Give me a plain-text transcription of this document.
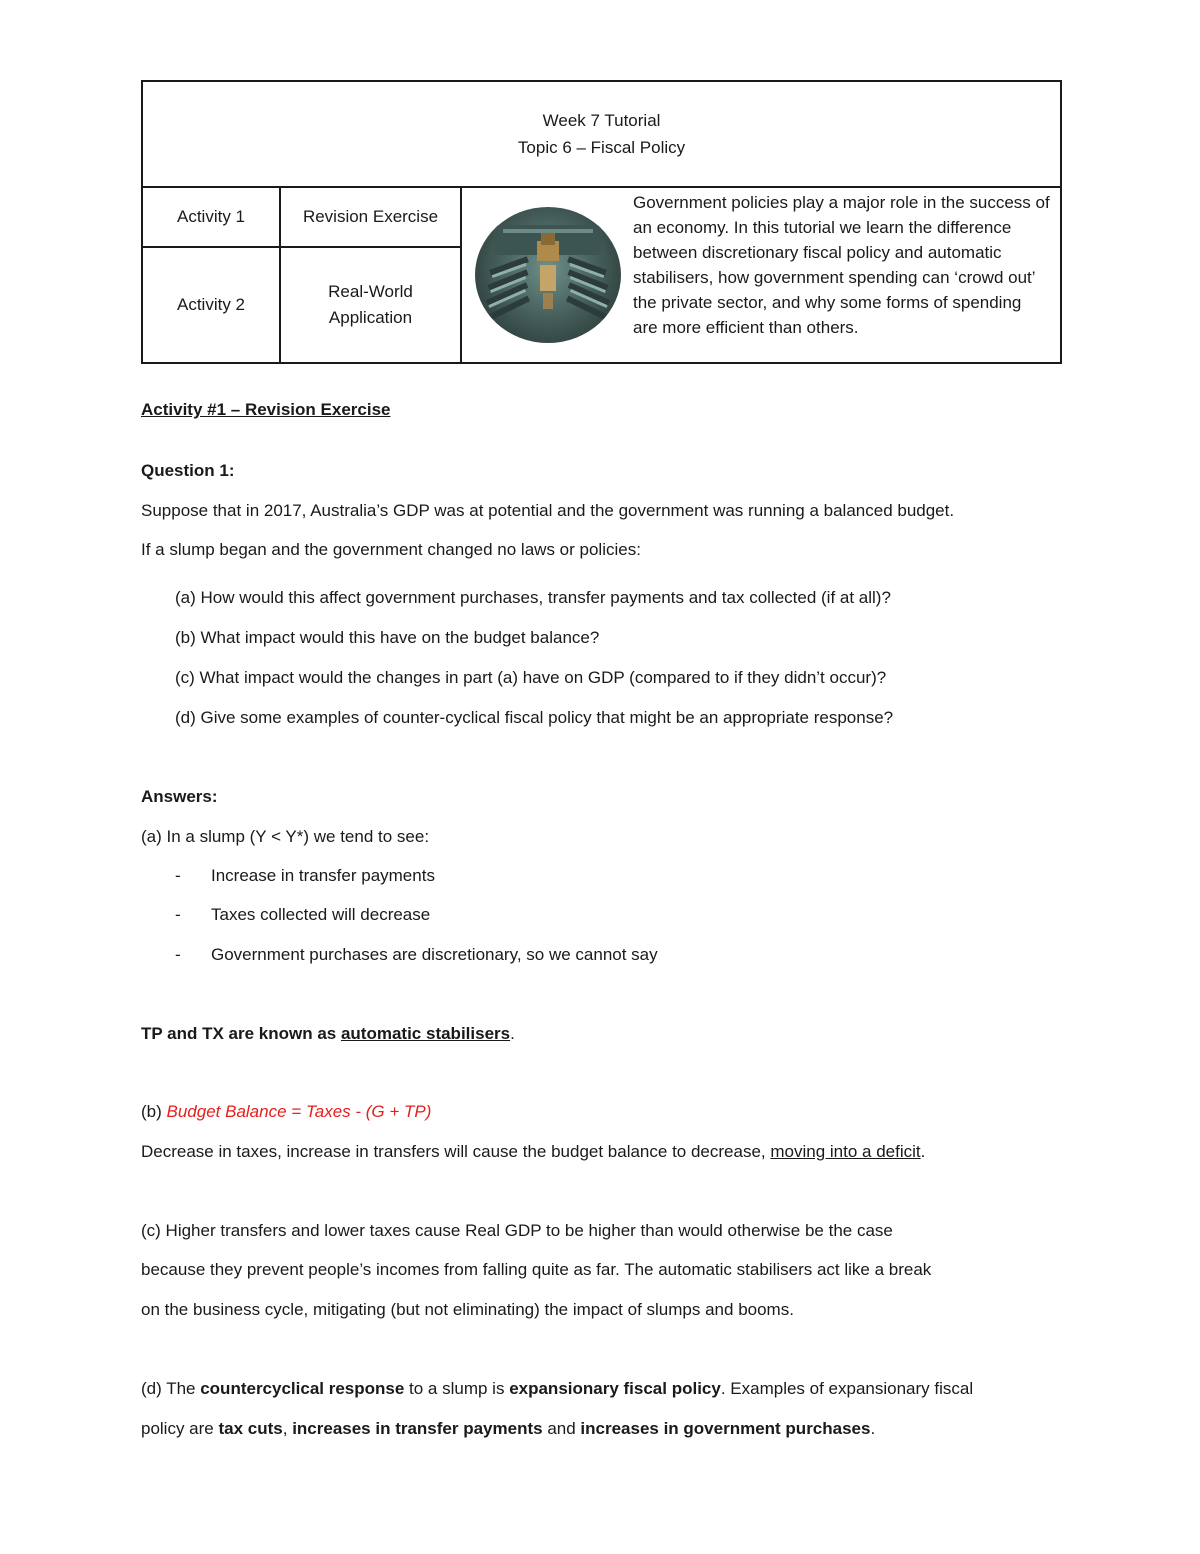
Week 7 Tutorial
Topic 6 – Fiscal Policy			

Activity 1	Revision Exercise		Government policies play a major role in the success of an economy. In this tutorial we learn the difference between discretionary fiscal policy and automatic stabilisers, how government spending can ‘crowd out’ the private sector, and why some forms of spending are more efficient than others.

Activity 2	Real-World
Application		
Activity #1 – Revision Exercise
Question 1:
Suppose that in 2017, Australia’s GDP was at potential and the government was running a balanced budget.
If a slump began and the government changed no laws or policies:
(a) How would this affect government purchases, transfer payments and tax collected (if at all)?
(b) What impact would this have on the budget balance?
(c) What impact would the changes in part (a) have on GDP (compared to if they didn’t occur)?
(d) Give some examples of counter-cyclical fiscal policy that might be an appropriate response?
Answers:
(a) In a slump (Y < Y*) we tend to see:
- Increase in transfer payments
- Taxes collected will decrease
- Government purchases are discretionary, so we cannot say
TP and TX are known as automatic stabilisers.
(b) Budget Balance = Taxes - (G + TP)
Decrease in taxes, increase in transfers will cause the budget balance to decrease, moving into a deficit.
(c) Higher transfers and lower taxes cause Real GDP to be higher than would otherwise be the case
because they prevent people’s incomes from falling quite as far. The automatic stabilisers act like a break
on the business cycle, mitigating (but not eliminating) the impact of slumps and booms.
(d) The countercyclical response to a slump is expansionary fiscal policy. Examples of expansionary fiscal
policy are tax cuts, increases in transfer payments and increases in government purchases.
